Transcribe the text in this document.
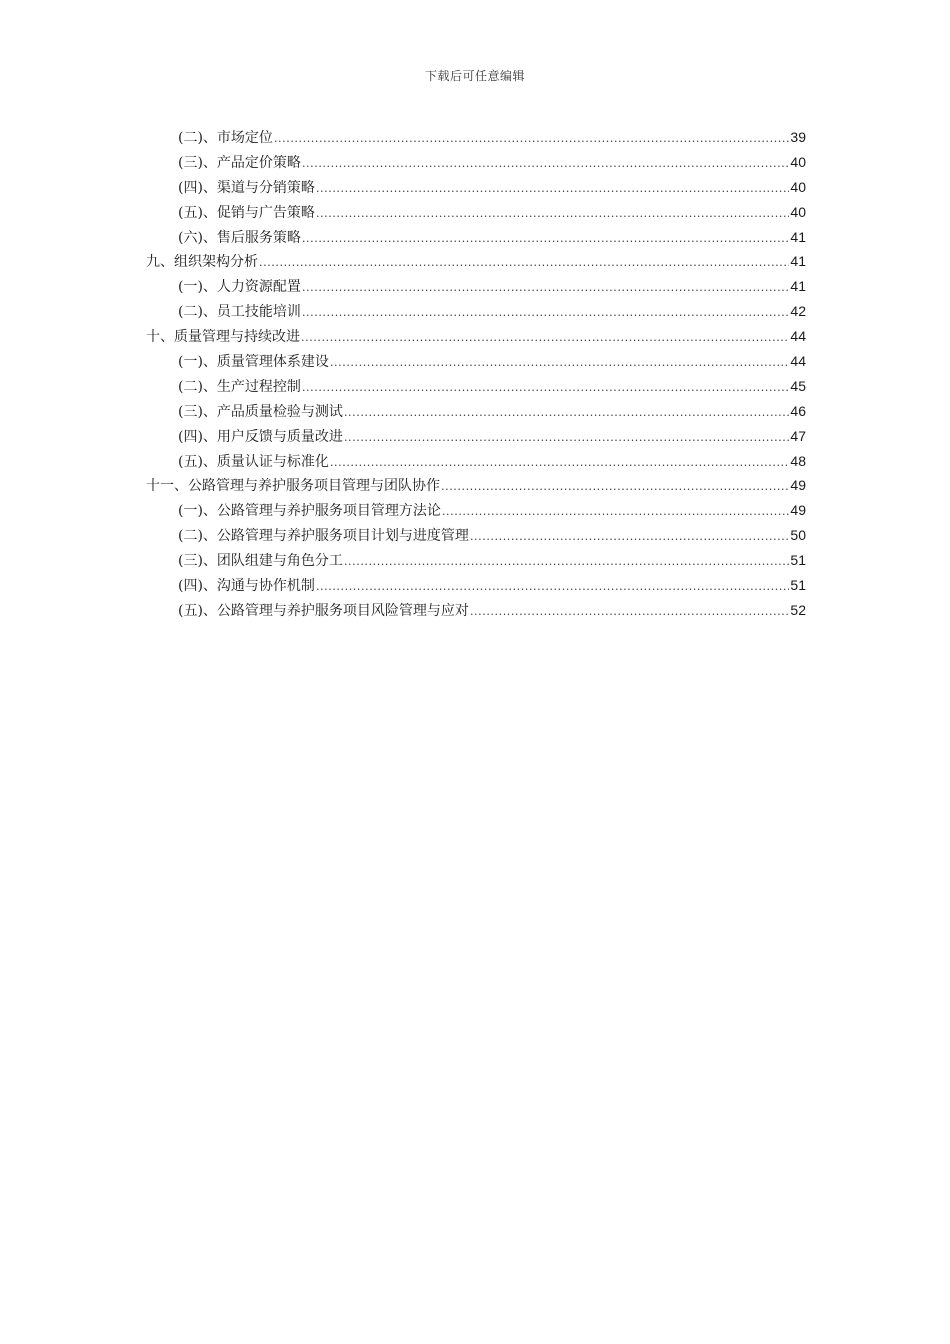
下载后可任意编辑
(二)、市场定位 .....	39
(三)、产品定价策略 .....	40
(四)、渠道与分销策略 .....	40
(五)、促销与广告策略 .....	40
(六)、售后服务策略 .....	41
九、组织架构分析 .....	41
(一)、人力资源配置 .....	41
(二)、员工技能培训 .....	42
十、质量管理与持续改进 .....	44
(一)、质量管理体系建设 .....	44
(二)、生产过程控制 .....	45
(三)、产品质量检验与测试 .....	46
(四)、用户反馈与质量改进 .....	47
(五)、质量认证与标准化 .....	48
十一、公路管理与养护服务项目管理与团队协作 .....	49
(一)、公路管理与养护服务项目管理方法论 .....	49
(二)、公路管理与养护服务项目计划与进度管理 .....	50
(三)、团队组建与角色分工 .....	51
(四)、沟通与协作机制 .....	51
(五)、公路管理与养护服务项目风险管理与应对 .....	52
